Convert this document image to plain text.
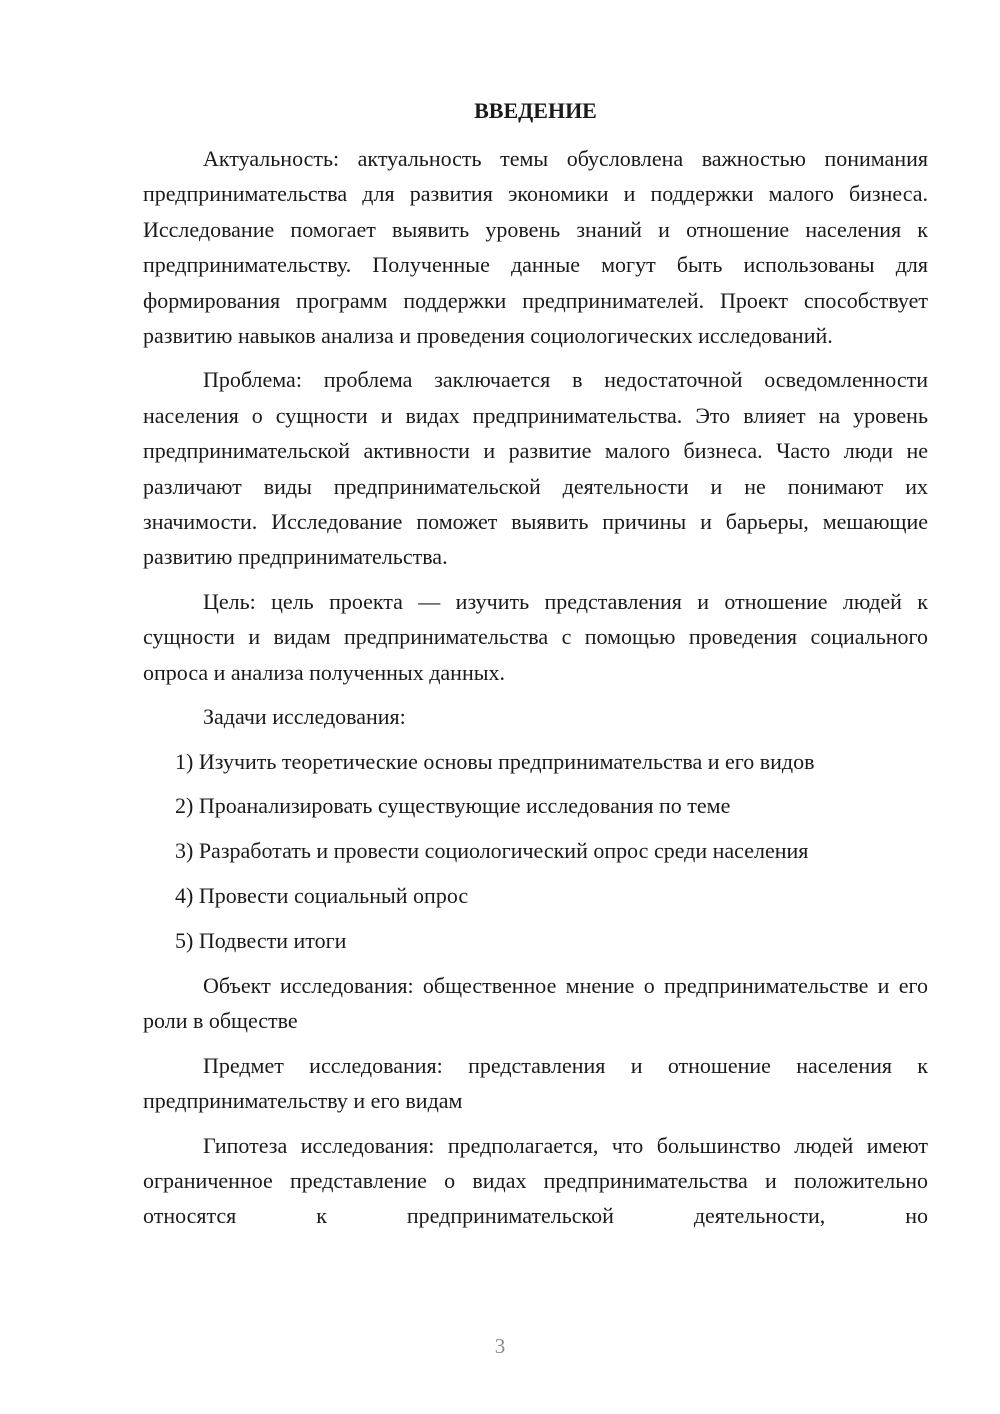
ВВЕДЕНИЕ

Актуальность: актуальность темы обусловлена важностью понимания предпринимательства для развития экономики и поддержки малого бизнеса. Исследование помогает выявить уровень знаний и отношение населения к предпринимательству. Полученные данные могут быть использованы для формирования программ поддержки предпринимателей. Проект способствует развитию навыков анализа и проведения социологических исследований.

Проблема: проблема заключается в недостаточной осведомленности населения о сущности и видах предпринимательства. Это влияет на уровень предпринимательской активности и развитие малого бизнеса. Часто люди не различают виды предпринимательской деятельности и не понимают их значимости. Исследование поможет выявить причины и барьеры, мешающие развитию предпринимательства.

Цель: цель проекта — изучить представления и отношение людей к сущности и видам предпринимательства с помощью проведения социального опроса и анализа полученных данных.

Задачи исследования:

1) Изучить теоретические основы предпринимательства и его видов

2) Проанализировать существующие исследования по теме

3) Разработать и провести социологический опрос среди населения

4) Провести социальный опрос

5) Подвести итоги

Объект исследования: общественное мнение о предпринимательстве и его роли в обществе

Предмет исследования: представления и отношение населения к предпринимательству и его видам

Гипотеза исследования: предполагается, что большинство людей имеют ограниченное представление о видах предпринимательства и положительно относятся к предпринимательской деятельности, но

3
